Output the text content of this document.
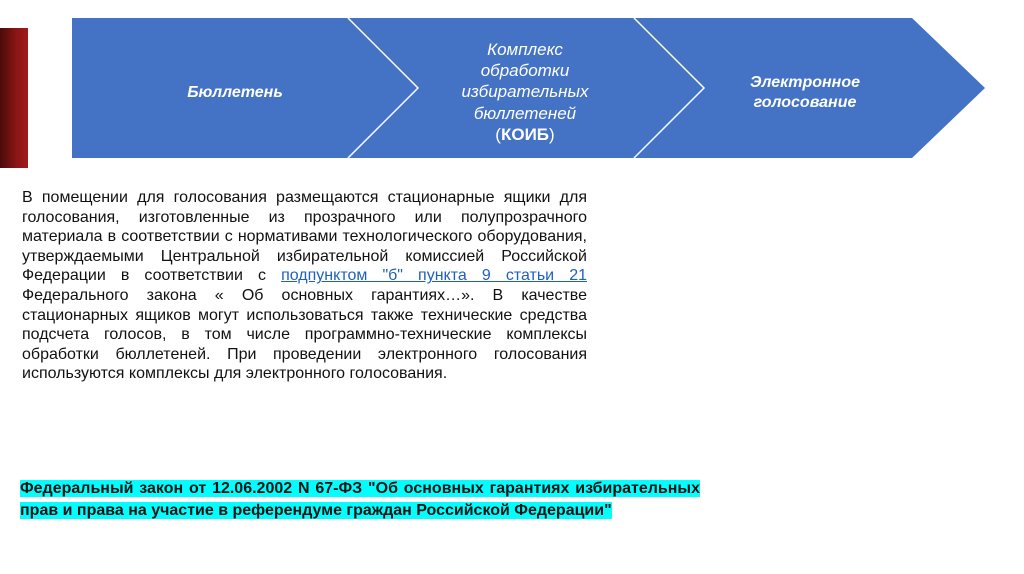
Бюллетень
Комплекс
обработки
избирательных
бюллетеней
(КОИБ)
Электронное
голосование

В помещении для голосования размещаются стационарные ящики для голосования, изготовленные из прозрачного или полупрозрачного материала в соответствии с нормативами технологического оборудования, утверждаемыми Центральной избирательной комиссией Российской Федерации в соответствии с подпунктом "б" пункта 9 статьи 21 Федерального закона « Об основных гарантиях…». В качестве стационарных ящиков могут использоваться также технические средства подсчета голосов, в том числе программно-технические комплексы обработки бюллетеней. При проведении электронного голосования используются комплексы для электронного голосования.

Федеральный закон от 12.06.2002 N 67-ФЗ "Об основных гарантиях избирательных прав и права на участие в референдуме граждан Российской Федерации"
